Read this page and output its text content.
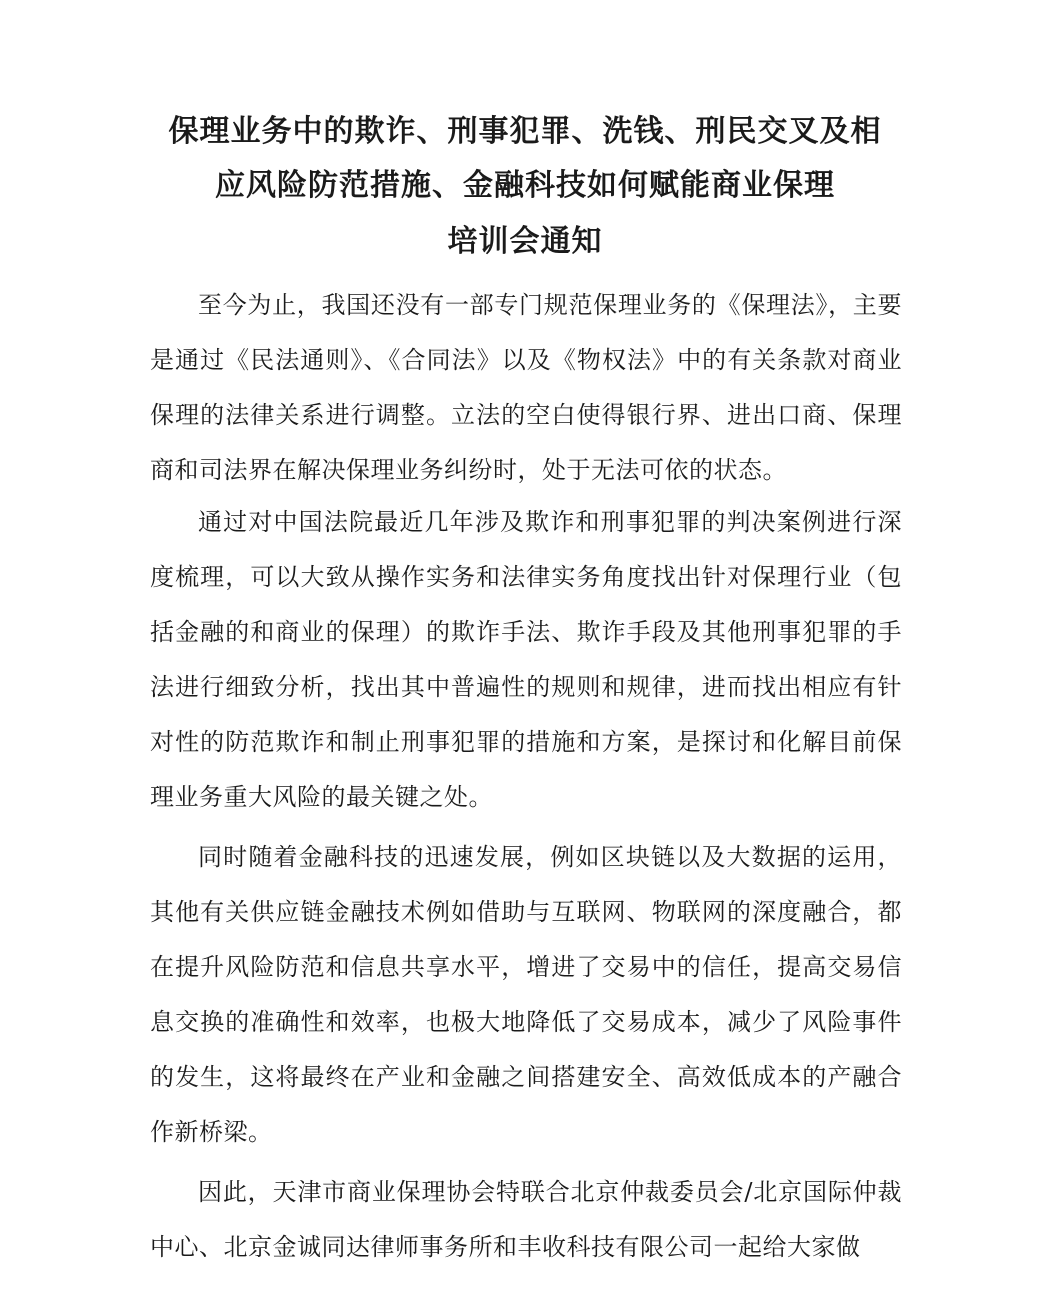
保理业务中的欺诈、刑事犯罪、洗钱、刑民交叉及相
应风险防范措施、金融科技如何赋能商业保理
培训会通知

至今为止，我国还没有一部专门规范保理业务的《保理法》，主要是通过《民法通则》、《合同法》以及《物权法》中的有关条款对商业保理的法律关系进行调整。立法的空白使得银行界、进出口商、保理商和司法界在解决保理业务纠纷时，处于无法可依的状态。

通过对中国法院最近几年涉及欺诈和刑事犯罪的判决案例进行深度梳理，可以大致从操作实务和法律实务角度找出针对保理行业（包括金融的和商业的保理）的欺诈手法、欺诈手段及其他刑事犯罪的手法进行细致分析，找出其中普遍性的规则和规律，进而找出相应有针对性的防范欺诈和制止刑事犯罪的措施和方案，是探讨和化解目前保理业务重大风险的最关键之处。

同时随着金融科技的迅速发展，例如区块链以及大数据的运用，其他有关供应链金融技术例如借助与互联网、物联网的深度融合，都在提升风险防范和信息共享水平，增进了交易中的信任，提高交易信息交换的准确性和效率，也极大地降低了交易成本，减少了风险事件的发生，这将最终在产业和金融之间搭建安全、高效低成本的产融合作新桥梁。

因此，天津市商业保理协会特联合北京仲裁委员会/北京国际仲裁中心、北京金诚同达律师事务所和丰收科技有限公司一起给大家做
